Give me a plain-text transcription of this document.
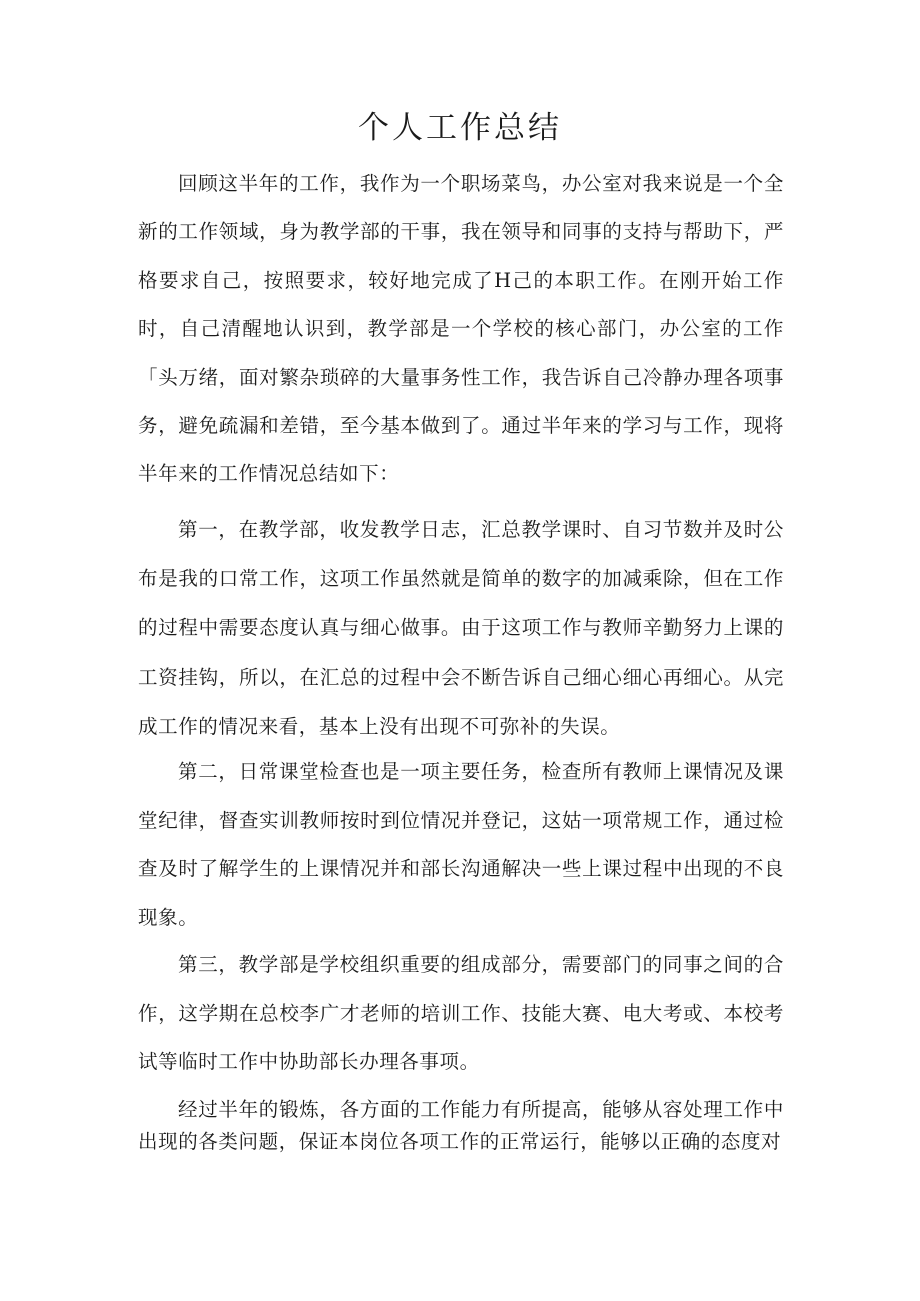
个人工作总结

回顾这半年的工作，我作为一个职场菜鸟，办公室对我来说是一个全新的工作领域，身为教学部的干事，我在领导和同事的支持与帮助下，严格要求自己，按照要求，较好地完成了H己的本职工作。在刚开始工作时，自己清醒地认识到，教学部是一个学校的核心部门，办公室的工作「头万绪，面对繁杂琐碎的大量事务性工作，我告诉自己冷静办理各项事务，避免疏漏和差错，至今基本做到了。通过半年来的学习与工作，现将半年来的工作情况总结如下：

第一，在教学部，收发教学日志，汇总教学课时、自习节数并及时公布是我的口常工作，这项工作虽然就是简单的数字的加减乘除，但在工作的过程中需要态度认真与细心做事。由于这项工作与教师辛勤努力上课的工资挂钩，所以，在汇总的过程中会不断告诉自己细心细心再细心。从完成工作的情况来看，基本上没有出现不可弥补的失误。

第二，日常课堂检查也是一项主要任务，检查所有教师上课情况及课堂纪律，督查实训教师按时到位情况并登记，这姑一项常规工作，通过检查及时了解学生的上课情况并和部长沟通解决一些上课过程中出现的不良现象。

第三，教学部是学校组织重要的组成部分，需要部门的同事之间的合作，这学期在总校李广才老师的培训工作、技能大赛、电大考或、本校考试等临时工作中协助部长办理各事项。

经过半年的锻炼，各方面的工作能力有所提高，能够从容处理工作中出现的各类问题，保证本岗位各项工作的正常运行，能够以正确的态度对
